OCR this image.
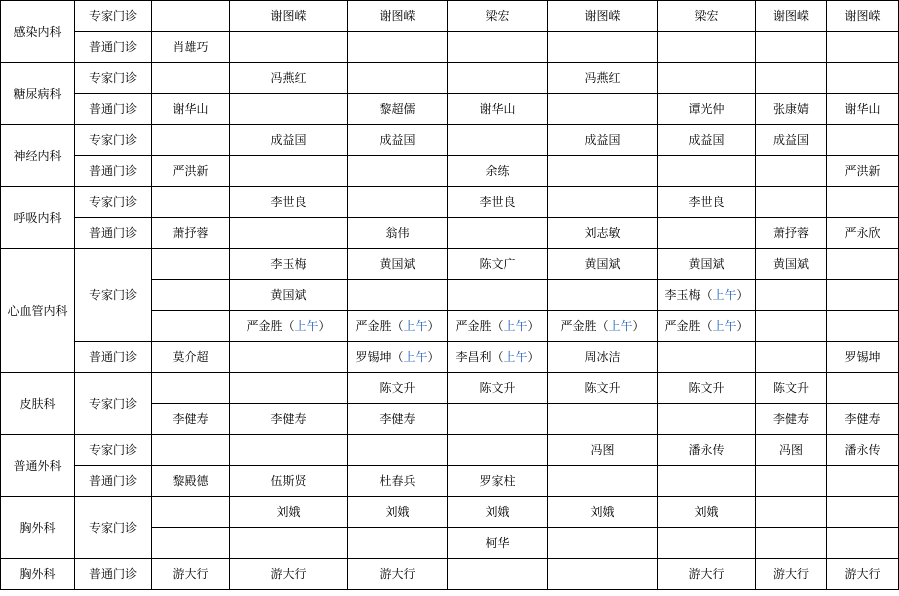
感染内科	专家门诊		谢图嵘	谢图嵘	梁宏	谢图嵘	梁宏	谢图嵘	谢图嵘
	普通门诊	肖雄巧							
糖尿病科	专家门诊		冯燕红			冯燕红			
	普通门诊	谢华山		黎超儒	谢华山		谭光仲	张康婧	谢华山
神经内科	专家门诊		成益国	成益国		成益国	成益国	成益国	
	普通门诊	严洪新			余练				严洪新
呼吸内科	专家门诊		李世良		李世良		李世良		
	普通门诊	萧抒蓉		翁伟		刘志敏		萧抒蓉	严永欣
心血管内科	专家门诊		李玉梅	黄国斌	陈文广	黄国斌	黄国斌	黄国斌	
			黄国斌				李玉梅（上午）		
			严金胜（上午）	严金胜（上午）	严金胜（上午）	严金胜（上午）	严金胜（上午）		
	普通门诊	莫介超		罗锡坤（上午）	李昌利（上午）	周冰洁			罗锡坤
皮肤科	专家门诊			陈文升	陈文升	陈文升	陈文升	陈文升	
		李健寿	李健寿	李健寿				李健寿	李健寿
普通外科	专家门诊					冯图	潘永传	冯图	潘永传
	普通门诊	黎殿德	伍斯贤	杜春兵	罗家柱				
胸外科	专家门诊		刘娥	刘娥	刘娥	刘娥	刘娥		
					柯华				
胸外科	普通门诊	游大行	游大行	游大行			游大行	游大行	游大行
